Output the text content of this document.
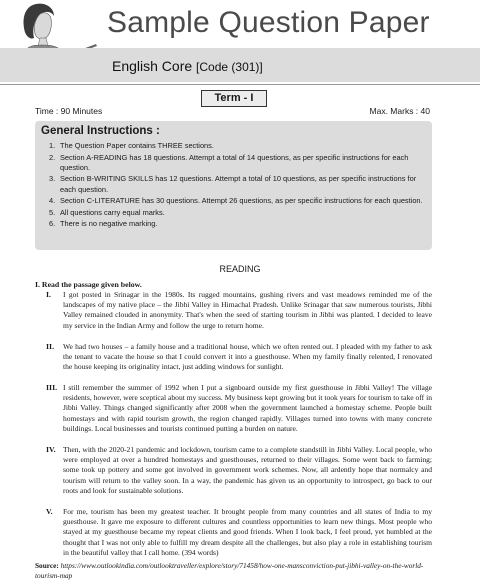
Sample Question Paper
English Core [Code (301)]
Term - I
Time : 90 Minutes	Max. Marks : 40
General Instructions :
1. The Question Paper contains THREE sections.
2. Section A-READING has 18 questions. Attempt a total of 14 questions, as per specific instructions for each question.
3. Section B-WRITING SKILLS has 12 questions. Attempt a total of 10 questions, as per specific instructions for each question.
4. Section C-LITERATURE has 30 questions. Attempt 26 questions, as per specific instructions for each question.
5. All questions carry equal marks.
6. There is no negative marking.
READING
I. Read the passage given below.
I. I got posted in Srinagar in the 1980s. Its rugged mountains, gushing rivers and vast meadows reminded me of the landscapes of my native place – the Jibhi Valley in Himachal Pradesh. Unlike Srinagar that saw numerous tourists, Jibhi Valley remained clouded in anonymity. That's when the seed of starting tourism in Jibhi was planted. I decided to leave my service in the Indian Army and follow the urge to return home.

II. We had two houses – a family house and a traditional house, which we often rented out. I pleaded with my father to ask the tenant to vacate the house so that I could convert it into a guesthouse. When my family finally relented, I renovated the house keeping its originality intact, just adding windows for sunlight.

III. I still remember the summer of 1992 when I put a signboard outside my first guesthouse in Jibhi Valley! The village residents, however, were sceptical about my success. My business kept growing but it took years for tourism to take off in Jibhi Valley. Things changed significantly after 2008 when the government launched a homestay scheme. People built homestays and with rapid tourism growth, the region changed rapidly. Villages turned into towns with many concrete buildings. Local businesses and tourists continued putting a burden on nature.

IV. Then, with the 2020-21 pandemic and lockdown, tourism came to a complete standstill in Jibhi Valley. Local people, who were employed at over a hundred homestays and guesthouses, returned to their villages. Some went back to farming; some took up pottery and some got involved in government work schemes. Now, all ardently hope that normalcy and tourism will return to the valley soon. In a way, the pandemic has given us an opportunity to introspect, go back to our roots and look for sustainable solutions.

V. For me, tourism has been my greatest teacher. It brought people from many countries and all states of India to my guesthouse. It gave me exposure to different cultures and countless opportunities to learn new things. Most people who stayed at my guesthouse became my repeat clients and good friends. When I look back, I feel proud, yet humbled at the thought that I was not only able to fulfill my dream despite all the challenges, but also play a role in establishing tourism in the beautiful valley that I call home. (394 words)

Source: https://www.outlookindia.com/outlooktraveller/explore/story/71458/how-one-mansconviction-put-jibhi-valley-on-the-world-tourism-map
